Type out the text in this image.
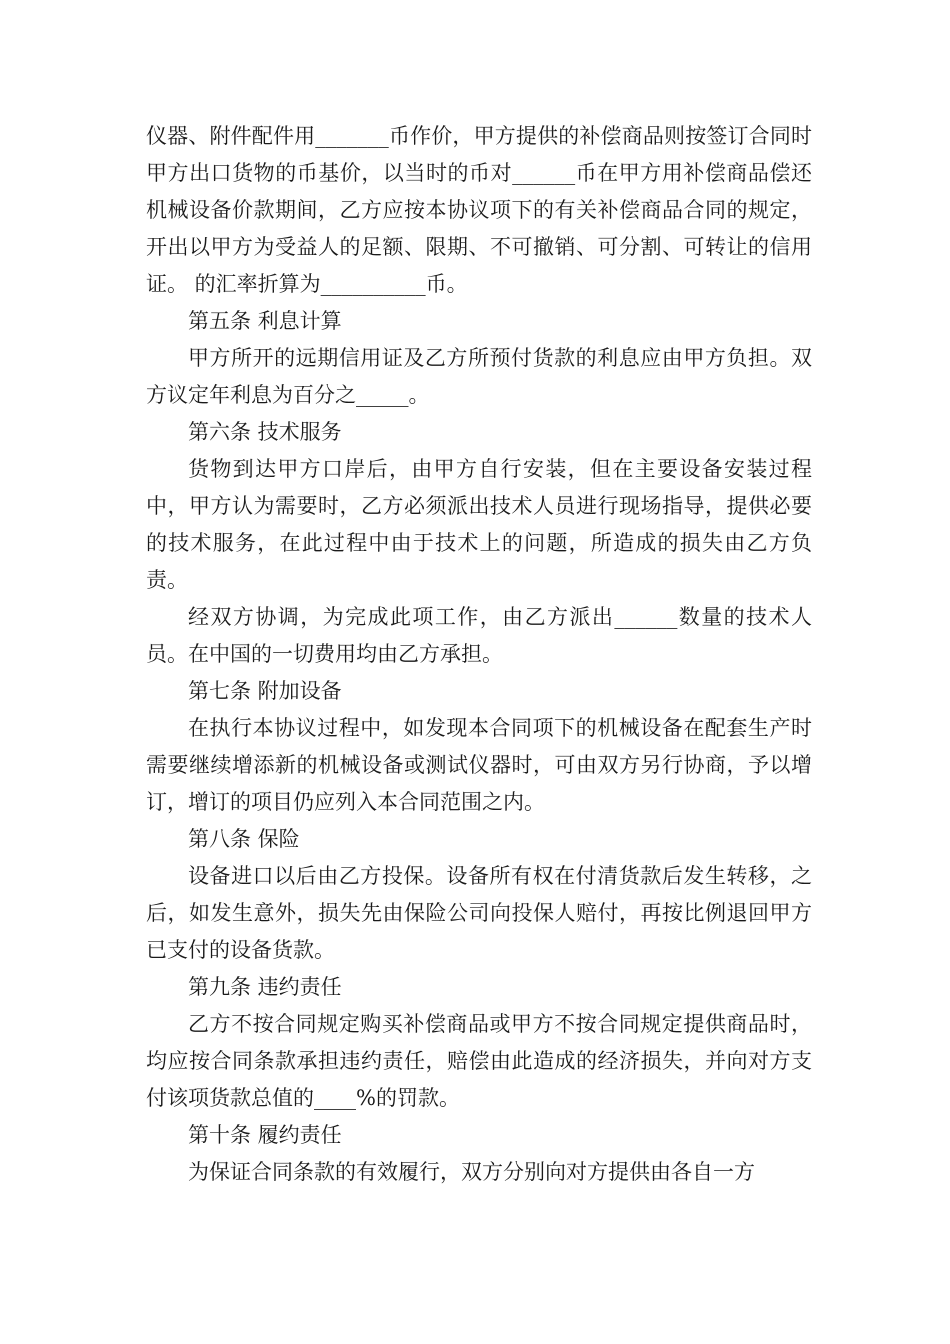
仪器、附件配件用_______币作价，甲方提供的补偿商品则按签订合同时甲方出口货物的币基价，以当时的币对______币在甲方用补偿商品偿还机械设备价款期间，乙方应按本协议项下的有关补偿商品合同的规定，开出以甲方为受益人的足额、限期、不可撤销、可分割、可转让的信用证。 的汇率折算为__________币。

第五条 利息计算

甲方所开的远期信用证及乙方所预付货款的利息应由甲方负担。双方议定年利息为百分之_____。

第六条 技术服务

货物到达甲方口岸后，由甲方自行安装，但在主要设备安装过程中，甲方认为需要时，乙方必须派出技术人员进行现场指导，提供必要的技术服务，在此过程中由于技术上的问题，所造成的损失由乙方负责。

经双方协调，为完成此项工作，由乙方派出______数量的技术人员。在中国的一切费用均由乙方承担。

第七条 附加设备

在执行本协议过程中，如发现本合同项下的机械设备在配套生产时需要继续增添新的机械设备或测试仪器时，可由双方另行协商，予以增订，增订的项目仍应列入本合同范围之内。

第八条 保险

设备进口以后由乙方投保。设备所有权在付清货款后发生转移，之后，如发生意外，损失先由保险公司向投保人赔付，再按比例退回甲方已支付的设备货款。

第九条 违约责任

乙方不按合同规定购买补偿商品或甲方不按合同规定提供商品时，均应按合同条款承担违约责任，赔偿由此造成的经济损失，并向对方支付该项货款总值的____%的罚款。

第十条 履约责任

为保证合同条款的有效履行，双方分别向对方提供由各自一方
